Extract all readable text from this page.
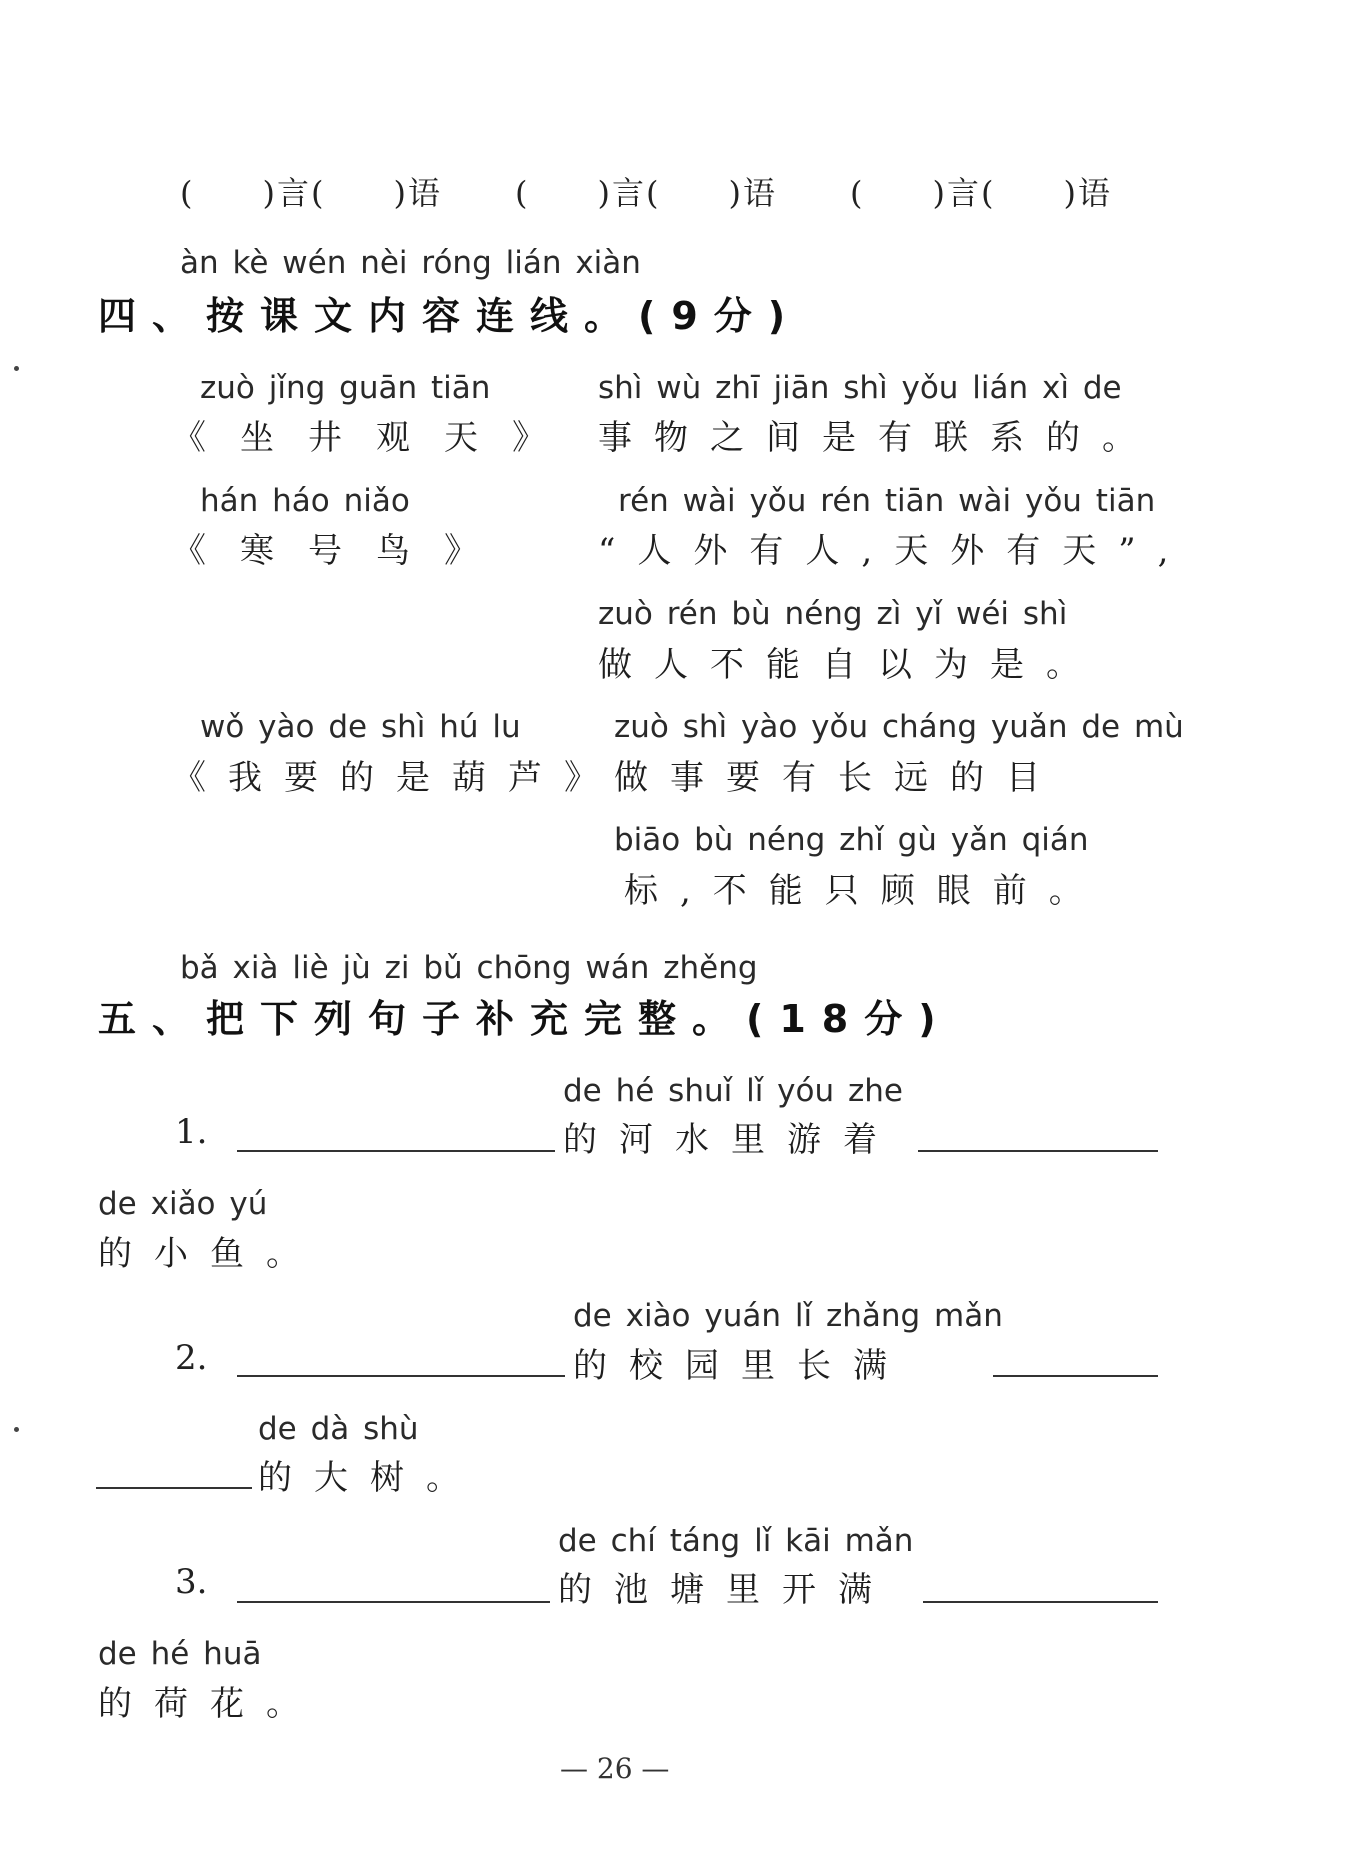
(　　)言(　　)语 (　　)言(　　)语 (　　)言(　　)语
àn kè wén nèi róng lián xiàn
四、按课文内容连线。(9分)
zuò jǐng guān tiān
《坐井观天》
hán háo niǎo
《寒号鸟》
wǒ yào de shì hú lu
《我要的是葫芦》
shì wù zhī jiān shì yǒu lián xì de
事物之间是有联系的。
rén wài yǒu rén tiān wài yǒu tiān
“人外有人,天外有天”,
zuò rén bù néng zì yǐ wéi shì
做人不能自以为是。
zuò shì yào yǒu cháng yuǎn de mù
做事要有长远的目
biāo bù néng zhǐ gù yǎn qián
标,不能只顾眼前。
bǎ xià liè jù zi bǔ chōng wán zhěng
五、把下列句子补充完整。(18分)
de hé shuǐ lǐ yóu zhe
1.	的河水里游着
de xiǎo yú
的小鱼。
de xiào yuán lǐ zhǎng mǎn
2.	的校园里长满
de dà shù
的大树。
de chí táng lǐ kāi mǎn
3.	的池塘里开满
de hé huā
的荷花。
— 26 —
